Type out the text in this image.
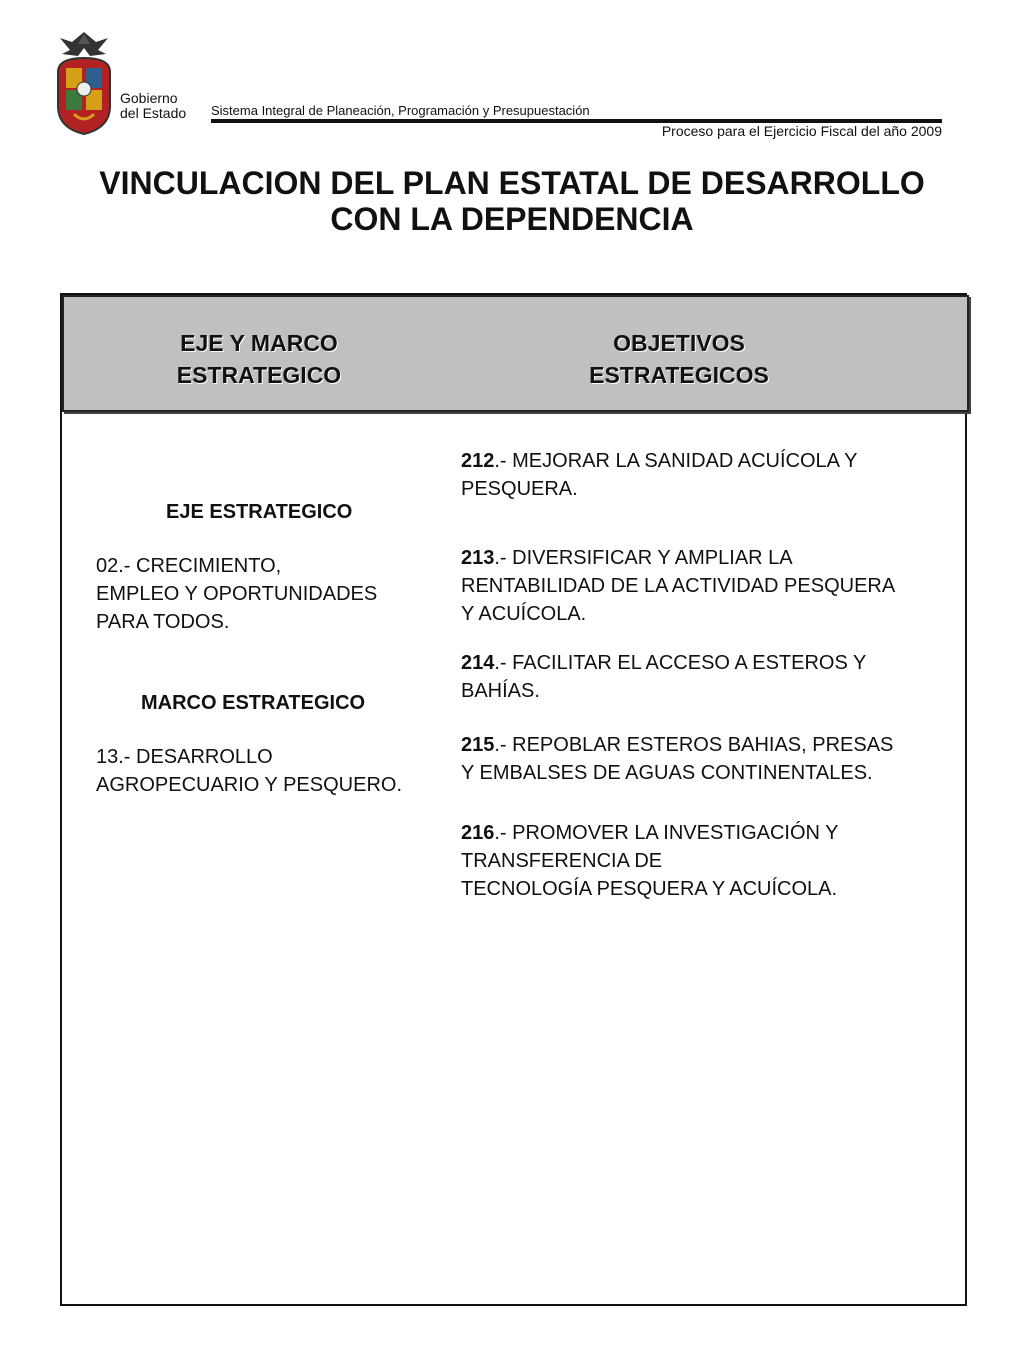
Gobierno
del Estado Sistema Integral de Planeación, Programación y Presupuestación
Proceso para el Ejercicio Fiscal del año 2009
VINCULACION DEL PLAN ESTATAL DE DESARROLLO
CON LA DEPENDENCIA
EJE Y MARCO
ESTRATEGICO
OBJETIVOS
ESTRATEGICOS
EJE ESTRATEGICO
02.- CRECIMIENTO,
EMPLEO Y OPORTUNIDADES
PARA TODOS.
MARCO ESTRATEGICO
13.- DESARROLLO
AGROPECUARIO Y PESQUERO.
212.- MEJORAR LA SANIDAD ACUÍCOLA Y
PESQUERA.
213.- DIVERSIFICAR Y AMPLIAR LA
RENTABILIDAD DE LA ACTIVIDAD PESQUERA
Y ACUÍCOLA.
214.- FACILITAR EL ACCESO A ESTEROS Y
BAHÍAS.
215.- REPOBLAR ESTEROS BAHIAS, PRESAS
Y EMBALSES DE AGUAS CONTINENTALES.
216.- PROMOVER LA INVESTIGACIÓN Y
TRANSFERENCIA DE
TECNOLOGÍA PESQUERA Y ACUÍCOLA.
